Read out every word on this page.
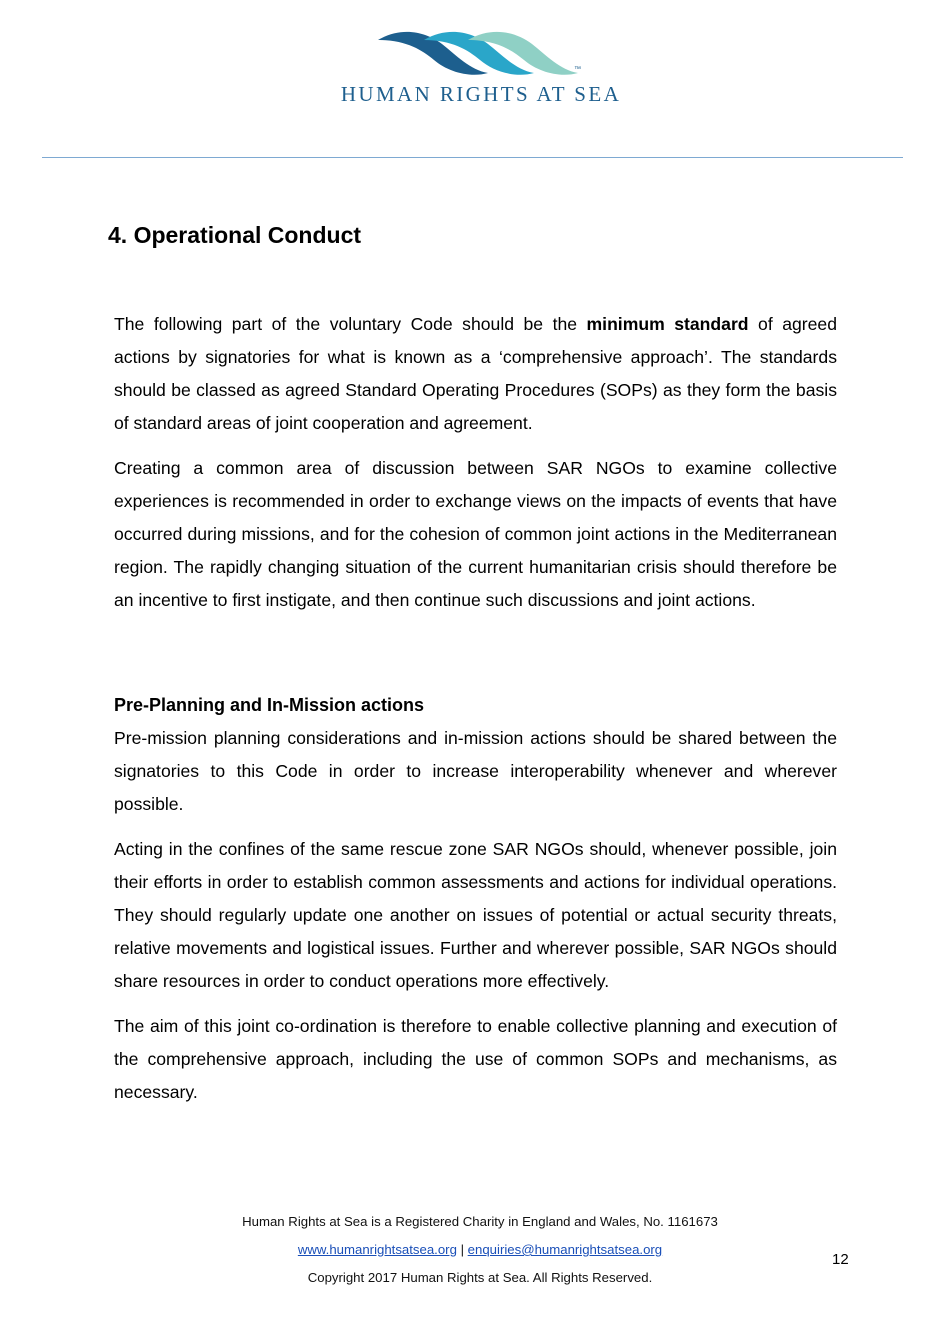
™
HUMAN RIGHTS AT SEA
4. Operational Conduct

The following part of the voluntary Code should be the minimum standard of agreed actions by signatories for what is known as a ‘comprehensive approach’. The standards should be classed as agreed Standard Operating Procedures (SOPs) as they form the basis of standard areas of joint cooperation and agreement.

Creating a common area of discussion between SAR NGOs to examine collective experiences is recommended in order to exchange views on the impacts of events that have occurred during missions, and for the cohesion of common joint actions in the Mediterranean region. The rapidly changing situation of the current humanitarian crisis should therefore be an incentive to first instigate, and then continue such discussions and joint actions.

Pre-Planning and In-Mission actions

Pre-mission planning considerations and in-mission actions should be shared between the signatories to this Code in order to increase interoperability whenever and wherever possible.

Acting in the confines of the same rescue zone SAR NGOs should, whenever possible, join their efforts in order to establish common assessments and actions for individual operations. They should regularly update one another on issues of potential or actual security threats, relative movements and logistical issues. Further and wherever possible, SAR NGOs should share resources in order to conduct operations more effectively.

The aim of this joint co-ordination is therefore to enable collective planning and execution of the comprehensive approach, including the use of common SOPs and mechanisms, as necessary.

Human Rights at Sea is a Registered Charity in England and Wales, No. 1161673
www.humanrightsatsea.org | enquiries@humanrightsatsea.org
Copyright 2017 Human Rights at Sea. All Rights Reserved.
12
